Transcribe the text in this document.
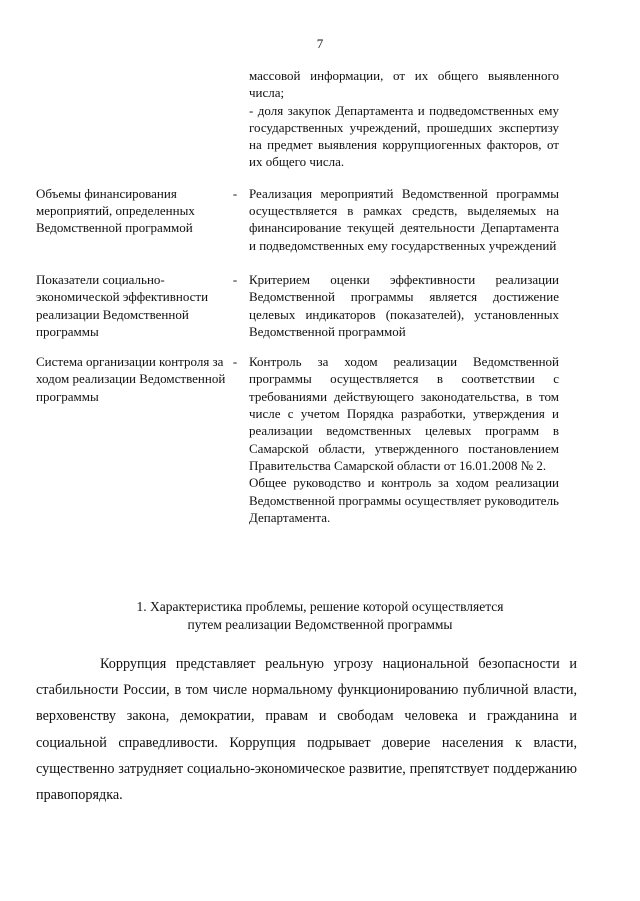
7

массовой информации, от их общего выявленного числа;

- доля закупок Департамента и подведомственных ему государственных учреждений, прошедших экспертизу на предмет выявления коррупциогенных факторов, от их общего числа.

Объемы финансирования мероприятий, определенных Ведомственной программой
- Реализация мероприятий Ведомственной программы осуществляется в рамках средств, выделяемых на финансирование текущей деятельности Департамента и подведомственных ему государственных учреждений

Показатели социально-экономической эффективности реализации Ведомственной программы
- Критерием оценки эффективности реализации Ведомственной программы является достижение целевых индикаторов (показателей), установленных Ведомственной программой

Система организации контроля за ходом реализации Ведомственной программы
- Контроль за ходом реализации Ведомственной программы осуществляется в соответствии с требованиями действующего законодательства, в том числе с учетом Порядка разработки, утверждения и реализации ведомственных целевых программ в Самарской области, утвержденного постановлением Правительства Самарской области от 16.01.2008 № 2.

Общее руководство и контроль за ходом реализации Ведомственной программы осуществляет руководитель Департамента.

1. Характеристика проблемы, решение которой осуществляется
путем реализации Ведомственной программы

Коррупция представляет реальную угрозу национальной безопасности и стабильности России, в том числе нормальному функционированию публичной власти, верховенству закона, демократии, правам и свободам человека и гражданина и социальной справедливости. Коррупция подрывает доверие населения к власти, существенно затрудняет социально-экономическое развитие, препятствует поддержанию правопорядка.
